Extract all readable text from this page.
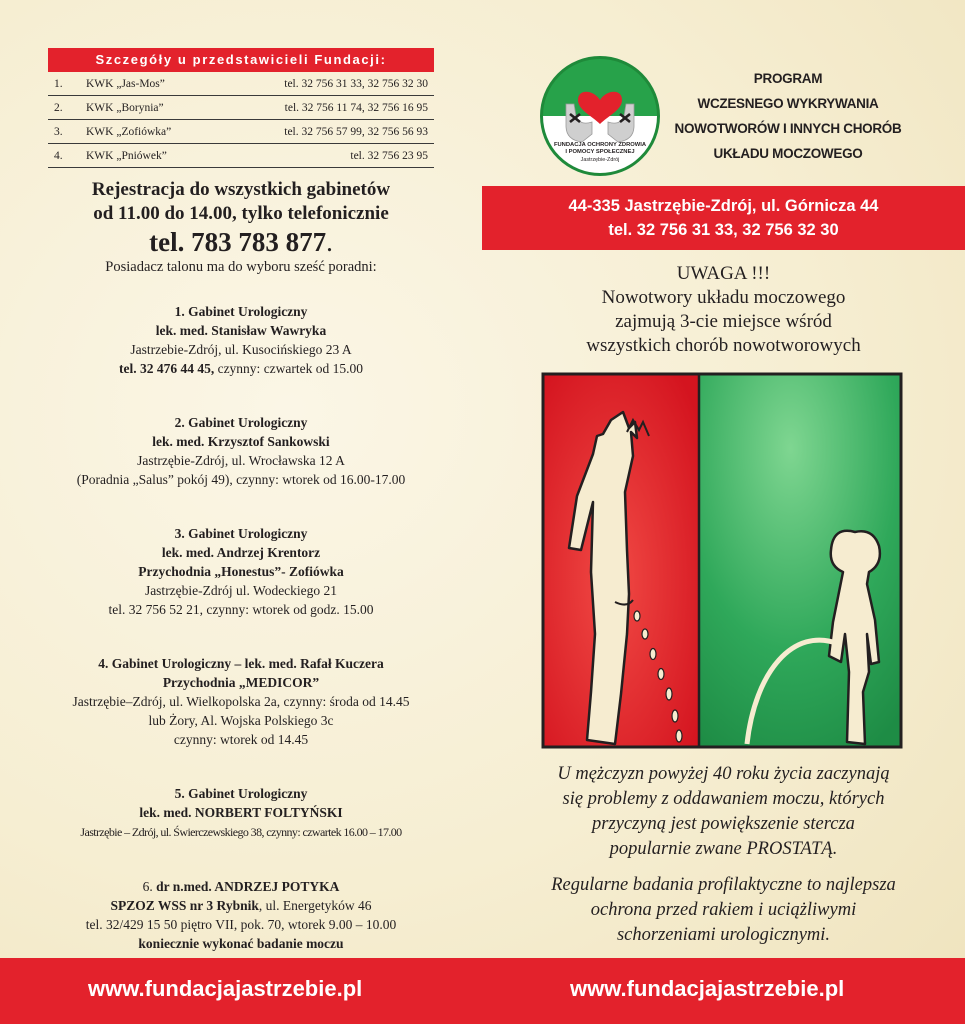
Szczegóły u przedstawicieli Fundacji:
1.	KWK „Jas-Mos”	tel. 32 756 31 33, 32 756 32 30
2.	KWK „Borynia”	tel. 32 756 11 74, 32 756 16 95
3.	KWK „Zofiówka”	tel. 32 756 57 99, 32 756 56 93
4.	KWK „Pniówek”	tel. 32 756 23 95
Rejestracja do wszystkich gabinetów
od 11.00 do 14.00, tylko telefonicznie
tel. 783 783 877.
Posiadacz talonu ma do wyboru sześć poradni:
1. Gabinet Urologiczny
lek. med. Stanisław Wawryka
Jastrzebie-Zdrój, ul. Kusocińskiego 23 A
tel. 32 476 44 45, czynny: czwartek od 15.00
2. Gabinet Urologiczny
lek. med. Krzysztof Sankowski
Jastrzębie-Zdrój, ul. Wrocławska 12 A
(Poradnia „Salus” pokój 49), czynny: wtorek od 16.00-17.00
3. Gabinet Urologiczny
lek. med. Andrzej Krentorz
Przychodnia „Honestus”- Zofiówka
Jastrzębie-Zdrój ul. Wodeckiego 21
tel. 32 756 52 21, czynny: wtorek od godz. 15.00
4. Gabinet Urologiczny – lek. med. Rafał Kuczera
Przychodnia „MEDICOR”
Jastrzębie–Zdrój, ul. Wielkopolska 2a, czynny: środa od 14.45
lub Żory, Al. Wojska Polskiego 3c
czynny: wtorek od 14.45
5. Gabinet Urologiczny
lek. med. NORBERT FOLTYŃSKI
Jastrzębie – Zdrój, ul. Świerczewskiego 38, czynny: czwartek 16.00 – 17.00
6. dr n.med. ANDRZEJ POTYKA
SPZOZ WSS nr 3 Rybnik, ul. Energetyków 46
tel. 32/429 15 50 piętro VII, pok. 70, wtorek 9.00 – 10.00
koniecznie wykonać badanie moczu
FUNDACJA OCHRONY ZDROWIA
I POMOCY SPOŁECZNEJ
Jastrzębie-Zdrój
PROGRAM
WCZESNEGO WYKRYWANIA
NOWOTWORÓW I INNYCH CHORÓB
UKŁADU MOCZOWEGO
44-335 Jastrzębie-Zdrój, ul. Górnicza 44
tel. 32 756 31 33, 32 756 32 30
UWAGA !!!
Nowotwory układu moczowego
zajmują 3-cie miejsce wśród
wszystkich chorób nowotworowych
U mężczyzn powyżej 40 roku życia zaczynają
się problemy z oddawaniem moczu, których
przyczyną jest powiększenie stercza
popularnie zwane PROSTATĄ.
Regularne badania profilaktyczne to najlepsza
ochrona przed rakiem i uciążliwymi
schorzeniami urologicznymi.
www.fundacjajastrzebie.pl	www.fundacjajastrzebie.pl
